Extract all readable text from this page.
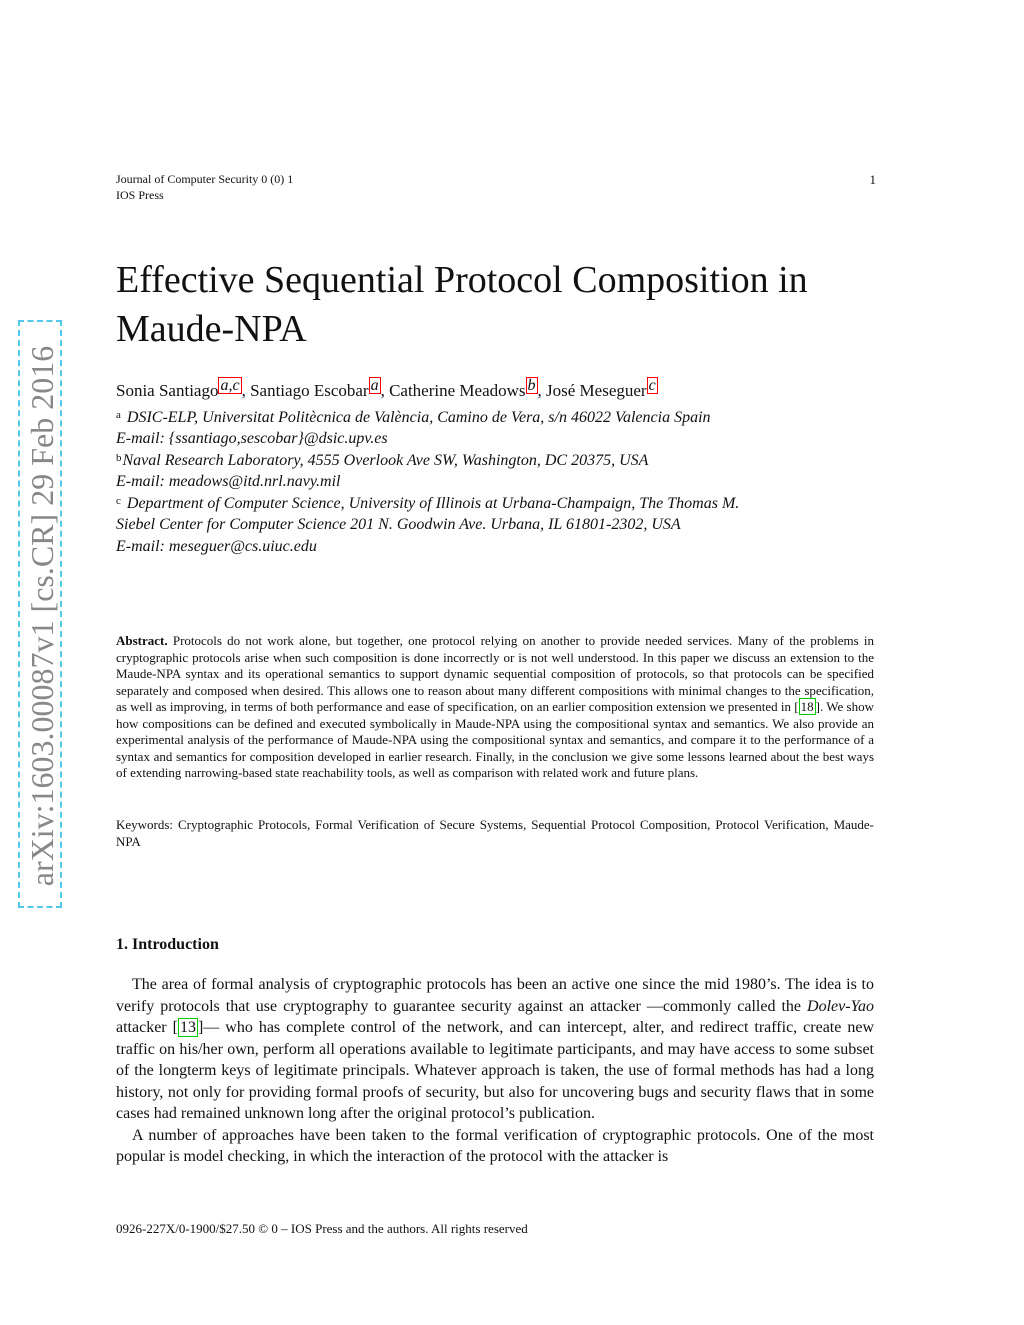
Journal of Computer Security 0 (0) 1
IOS Press
1
arXiv:1603.00087v1 [cs.CR] 29 Feb 2016
Effective Sequential Protocol Composition in
Maude-NPA
Sonia Santiago a,c , Santiago Escobar a , Catherine Meadows b , José Meseguer c
$^a$ DSIC-ELP, Universitat Politècnica de València, Camino de Vera, s/n 46022 Valencia Spain
E-mail: {ssantiago,sescobar}@dsic.upv.es
$^b$Naval Research Laboratory, 4555 Overlook Ave SW, Washington, DC 20375, USA
E-mail: meadows@itd.nrl.navy.mil
$^c$ Department of Computer Science, University of Illinois at Urbana-Champaign, The Thomas M.
Siebel Center for Computer Science 201 N. Goodwin Ave. Urbana, IL 61801-2302, USA
E-mail: meseguer@cs.uiuc.edu
Abstract. Protocols do not work alone, but together, one protocol relying on another to provide needed services. Many of the problems in cryptographic protocols arise when such composition is done incorrectly or is not well understood. In this paper we discuss an extension to the Maude-NPA syntax and its operational semantics to support dynamic sequential composition of protocols, so that protocols can be specified separately and composed when desired. This allows one to reason about many different compositions with minimal changes to the specification, as well as improving, in terms of both performance and ease of specification, on an earlier composition extension we presented in [ 18 ]. We show how compositions can be defined and executed symbolically in Maude-NPA using the compositional syntax and semantics. We also provide an experimental analysis of the performance of Maude-NPA using the compositional syntax and semantics, and compare it to the performance of a syntax and semantics for composition developed in earlier research. Finally, in the conclusion we give some lessons learned about the best ways of extending narrowing-based state reachability tools, as well as comparison with related work and future plans.
Keywords: Cryptographic Protocols, Formal Verification of Secure Systems, Sequential Protocol Composition, Protocol Verification, Maude-NPA
1. Introduction

The area of formal analysis of cryptographic protocols has been an active one since the mid 1980’s. The idea is to verify protocols that use cryptography to guarantee security against an attacker —commonly called the Dolev-Yao attacker [ 13 ]— who has complete control of the network, and can intercept, alter, and redirect traffic, create new traffic on his/her own, perform all operations available to legitimate participants, and may have access to some subset of the longterm keys of legitimate principals. Whatever approach is taken, the use of formal methods has had a long history, not only for providing formal proofs of security, but also for uncovering bugs and security flaws that in some cases had remained unknown long after the original protocol’s publication.

A number of approaches have been taken to the formal verification of cryptographic protocols. One of the most popular is model checking, in which the interaction of the protocol with the attacker is

0926-227X/0-1900/$27.50 © 0 – IOS Press and the authors. All rights reserved
